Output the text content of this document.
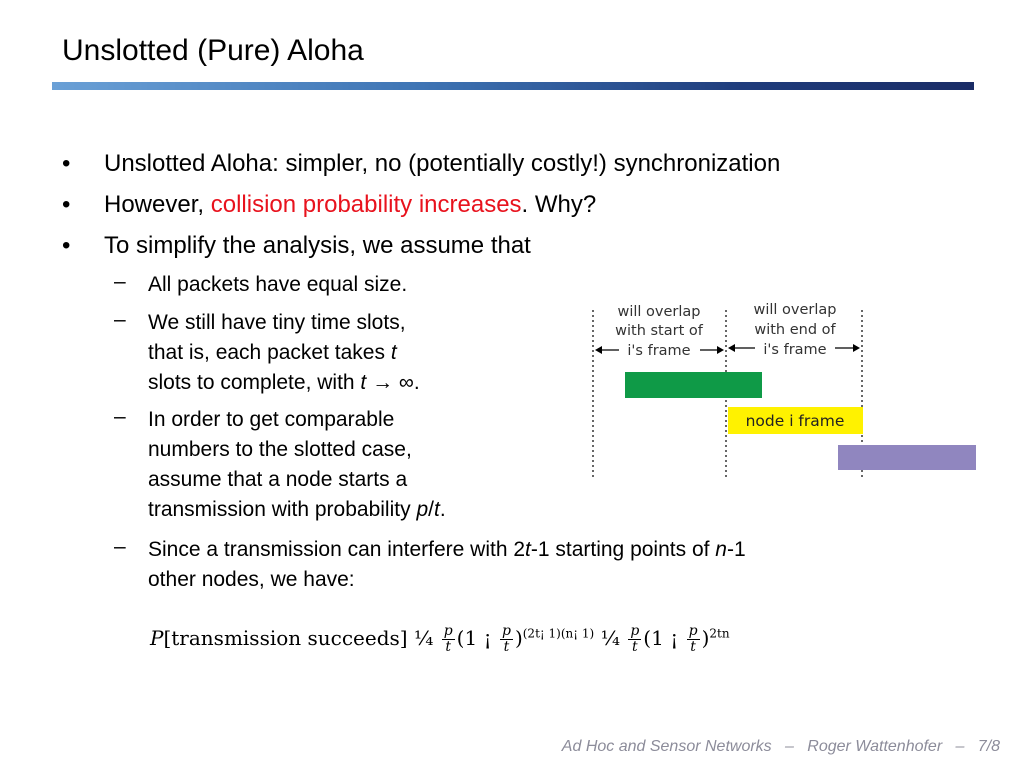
Unslotted (Pure) Aloha
• Unslotted Aloha: simpler, no (potentially costly!) synchronization
• However, collision probability increases. Why?
• To simplify the analysis, we assume that
– All packets have equal size.
– We still have tiny time slots,
that is, each packet takes t
slots to complete, with t → ∞.
– In order to get comparable
numbers to the slotted case,
assume that a node starts a
transmission with probability p/t.
– Since a transmission can interfere with 2t-1 starting points of n-1
other nodes, we have:
P[transmission succeeds] ¼ $\frac{p}{t} (1$ ¡ $\frac{p}{t} )^{(2t¡ 1)(n¡ 1)}$ ¼ $\frac{p}{t} (1$ ¡ $\frac{p}{t} )^{2tn}$
will overlap
with start of
i's frame
will overlap
with end of
i's frame
node i frame
Ad Hoc and Sensor Networks – Roger Wattenhofer – 7/8
